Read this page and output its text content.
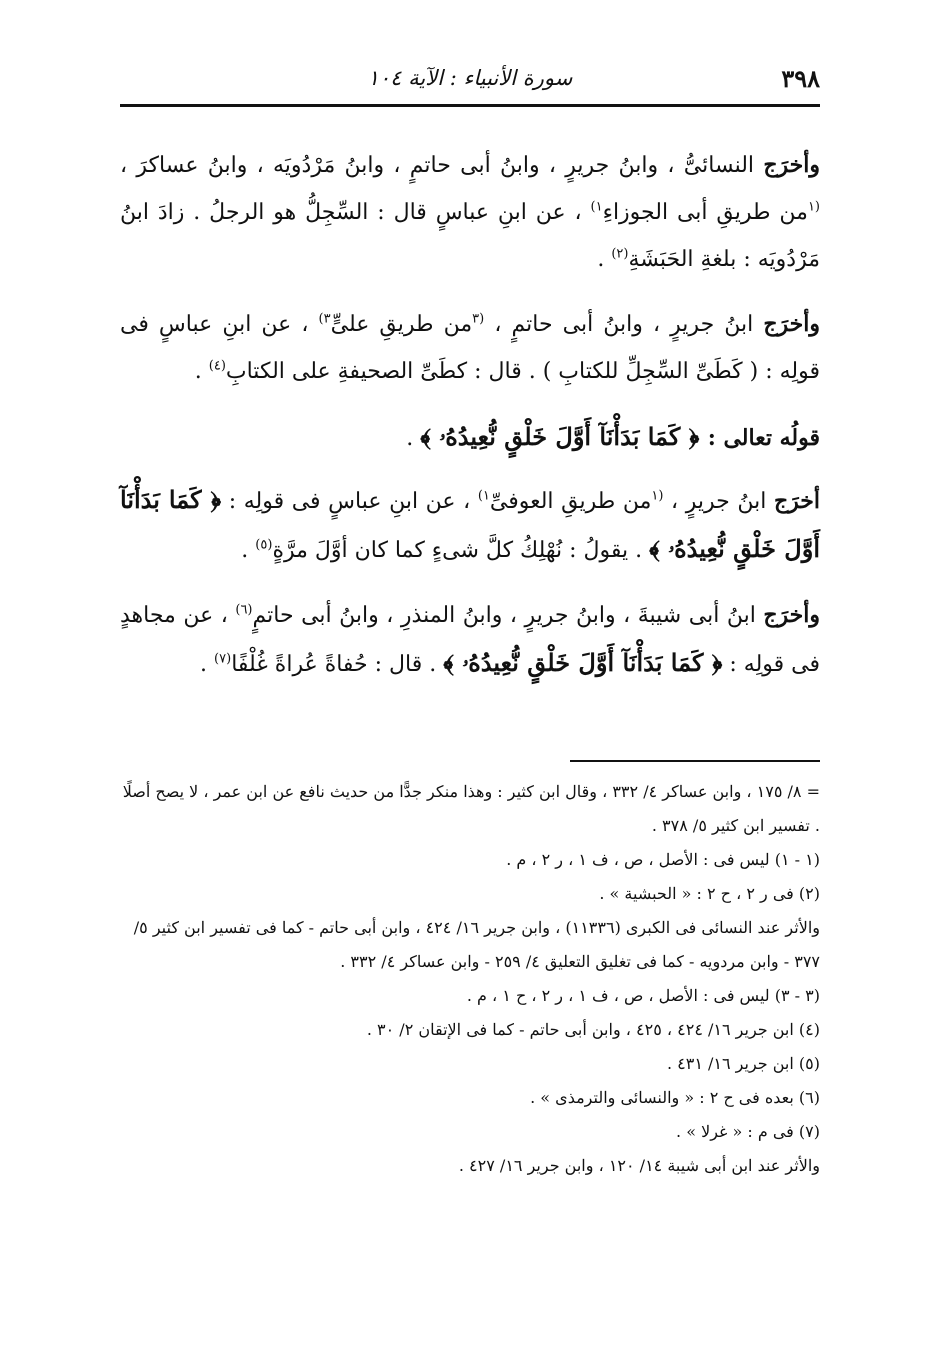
٣٩٨
سورة الأنبياء : الآية ١٠٤

وأخرَج النسائىُّ ، وابنُ جريرٍ ، وابنُ أبى حاتمٍ ، وابنُ مَرْدُويَه ، وابنُ عساكرَ ، $^{(١}$من طريقِ أبى الجوزاءِ$^{١)}$ ، عن ابنِ عباسٍ قال : السِّجِلُّ هو الرجلُ . زادَ ابنُ مَرْدُويَه : بلغةِ الحَبَشَةِ$^{(٢)}$ .

وأخرَج ابنُ جريرٍ ، وابنُ أبى حاتمٍ ، $^{(٣}$من طريقِ علىٍّ$^{٣)}$ ، عن ابنِ عباسٍ فى قولِه : ( كَطَىِّ السِّجِلِّ للكتابِ ) . قال : كطَىِّ الصحيفةِ على الكتابِ$^{(٤)}$ .

قولُه تعالى : ﴿ كَمَا بَدَأْنَآ أَوَّلَ خَلْقٍ نُّعِيدُهُۥ ﴾ .

أخرَج ابنُ جريرٍ ، $^{(١}$من طريقِ العوفىِّ$^{١)}$ ، عن ابنِ عباسٍ فى قولِه : ﴿ كَمَا بَدَأْنَآ أَوَّلَ خَلْقٍ نُّعِيدُهُۥ ﴾ . يقولُ : نُهْلِكُ كلَّ شىءٍ كما كان أوَّلَ مرَّةٍ$^{(٥)}$ .

وأخرَج ابنُ أبى شيبةَ ، وابنُ جريرٍ ، وابنُ المنذرِ ، وابنُ أبى حاتمٍ$^{(٦)}$ ، عن مجاهدٍ فى قولِه : ﴿ كَمَا بَدَأْنَآ أَوَّلَ خَلْقٍ نُّعِيدُهُۥ ﴾ . قال : حُفاةً عُراةً غُلْفًا$^{(٧)}$ .

= ٨/ ١٧٥ ، وابن عساكر ٤/ ٣٣٢ ، وقال ابن كثير : وهذا منكر جدًّا من حديث نافع عن ابن عمر ، لا يصح أصلًا . تفسير ابن كثير ٥/ ٣٧٨ .

(١ - ١) ليس فى : الأصل ، ص ، ف ١ ، ر ٢ ، م .

(٢) فى ر ٢ ، ح ٢ : « الحبشية » .

والأثر عند النسائى فى الكبرى (١١٣٣٦) ، وابن جرير ١٦/ ٤٢٤ ، وابن أبى حاتم - كما فى تفسير ابن كثير ٥/ ٣٧٧ - وابن مردويه - كما فى تغليق التعليق ٤/ ٢٥٩ - وابن عساكر ٤/ ٣٣٢ .

(٣ - ٣) ليس فى : الأصل ، ص ، ف ١ ، ر ٢ ، ح ١ ، م .

(٤) ابن جرير ١٦/ ٤٢٤ ، ٤٢٥ ، وابن أبى حاتم - كما فى الإتقان ٢/ ٣٠ .

(٥) ابن جرير ١٦/ ٤٣١ .

(٦) بعده فى ح ٢ : « والنسائى والترمذى » .

(٧) فى م : « غرلا » .

والأثر عند ابن أبى شيبة ١٤/ ١٢٠ ، وابن جرير ١٦/ ٤٢٧ .
